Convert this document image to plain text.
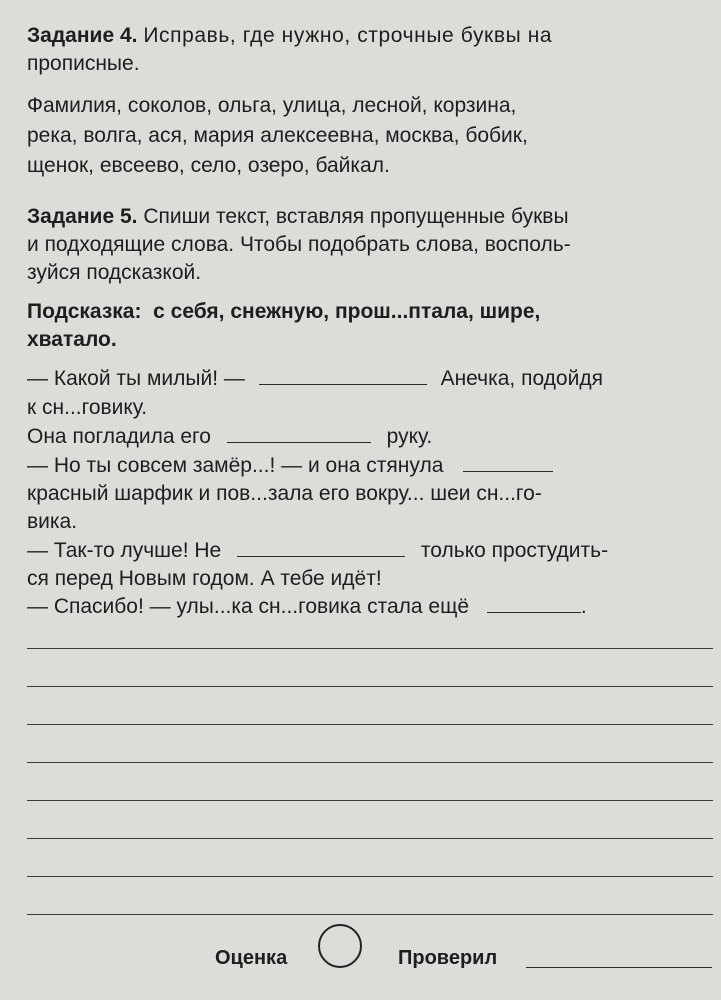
Задание 4. Исправь, где нужно, строчные буквы на
прописные.
Фамилия, соколов, ольга, улица, лесной, корзина,
река, волга, ася, мария алексеевна, москва, бобик,
щенок, евсеево, село, озеро, байкал.
Задание 5. Спиши текст, вставляя пропущенные буквы
и подходящие слова. Чтобы подобрать слова, восполь-
зуйся подсказкой.
Подсказка: с себя, снежную, прош...птала, шире,
хватало.
— Какой ты милый! —	Анечка, подойдя
к сн...говику.
Она погладила его	руку.
— Но ты совсем замёр...! — и она стянула
красный шарфик и пов...зала его вокру... шеи сн...го-
вика.
— Так-то лучше! Не	только простудить-
ся перед Новым годом. А тебе идёт!
— Спасибо! — улы...ка сн...говика стала ещё	.
Оценка	Проверил
